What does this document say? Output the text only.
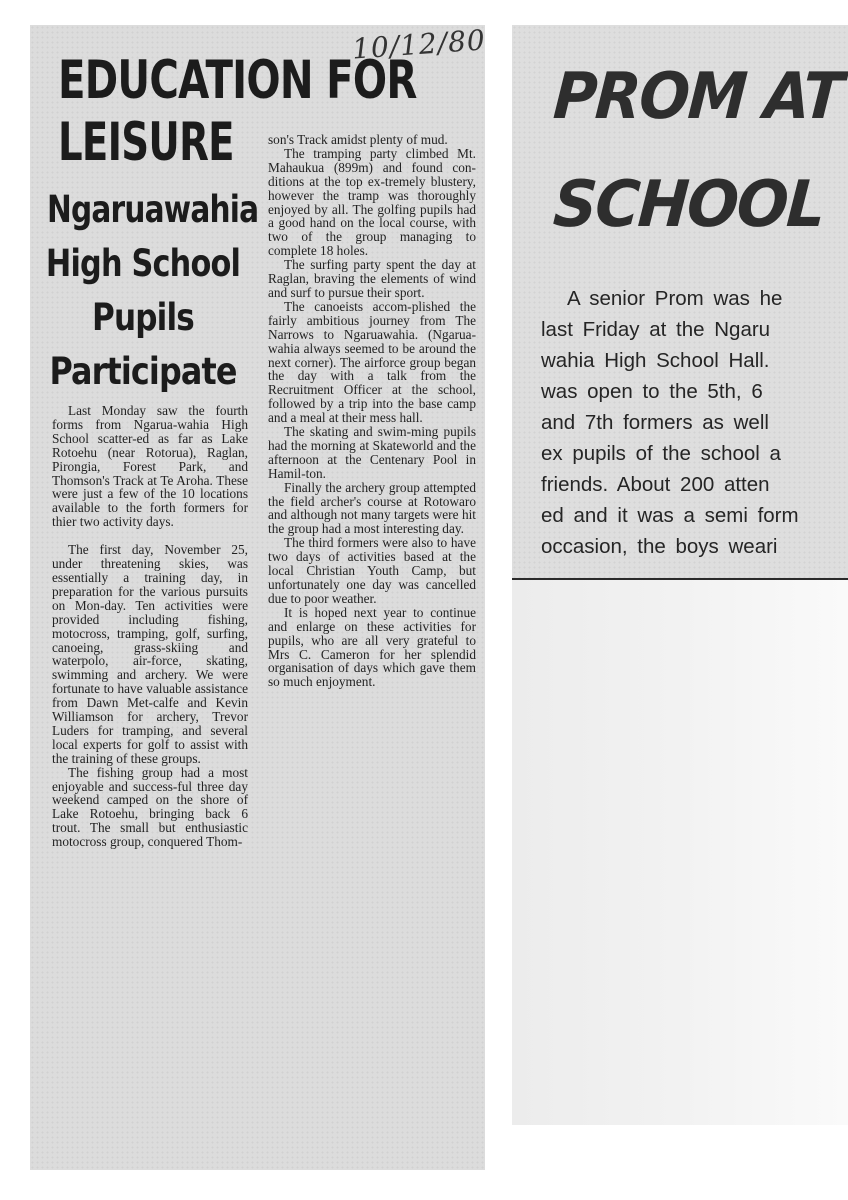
EDUCATION FOR
LEISURE
10/12/80
Ngaruawahia
High School
Pupils
Participate

Last Monday saw the fourth forms from Ngarua-wahia High School scatter-ed as far as Lake Rotoehu (near Rotorua), Raglan, Pirongia, Forest Park, and Thomson's Track at Te Aroha. These were just a few of the 10 locations available to the forth formers for thier two activity days.

The first day, November 25, under threatening skies, was essentially a training day, in preparation for the various pursuits on Mon-day. Ten activities were provided including fishing, motocross, tramping, golf, surfing, canoeing, grass-skiing and waterpolo, air-force, skating, swimming and archery. We were fortunate to have valuable assistance from Dawn Met-calfe and Kevin Williamson for archery, Trevor Luders for tramping, and several local experts for golf to assist with the training of these groups.

The fishing group had a most enjoyable and success-ful three day weekend camped on the shore of Lake Rotoehu, bringing back 6 trout. The small but enthusiastic motocross group, conquered Thom-

son's Track amidst plenty of mud.

The tramping party climbed Mt. Mahaukua (899m) and found con-ditions at the top ex-tremely blustery, however the tramp was thoroughly enjoyed by all. The golfing pupils had a good hand on the local course, with two of the group managing to complete 18 holes.

The surfing party spent the day at Raglan, braving the elements of wind and surf to pursue their sport.

The canoeists accom-plished the fairly ambitious journey from The Narrows to Ngaruawahia. (Ngarua-wahia always seemed to be around the next corner). The airforce group began the day with a talk from the Recruitment Officer at the school, followed by a trip into the base camp and a meal at their mess hall.

The skating and swim-ming pupils had the morning at Skateworld and the afternoon at the Centenary Pool in Hamil-ton.

Finally the archery group attempted the field archer's course at Rotowaro and although not many targets were hit the group had a most interesting day.

The third formers were also to have two days of activities based at the local Christian Youth Camp, but unfortunately one day was cancelled due to poor weather.

It is hoped next year to continue and enlarge on these activities for pupils, who are all very grateful to Mrs C. Cameron for her splendid organisation of days which gave them so much enjoyment.

PROM AT
SCHOOL
A senior Prom was he
last Friday at the Ngaru
wahia High School Hall.
was open to the 5th, 6
and 7th formers as well
ex pupils of the school a
friends. About 200 atten
ed and it was a semi form
occasion, the boys weari
